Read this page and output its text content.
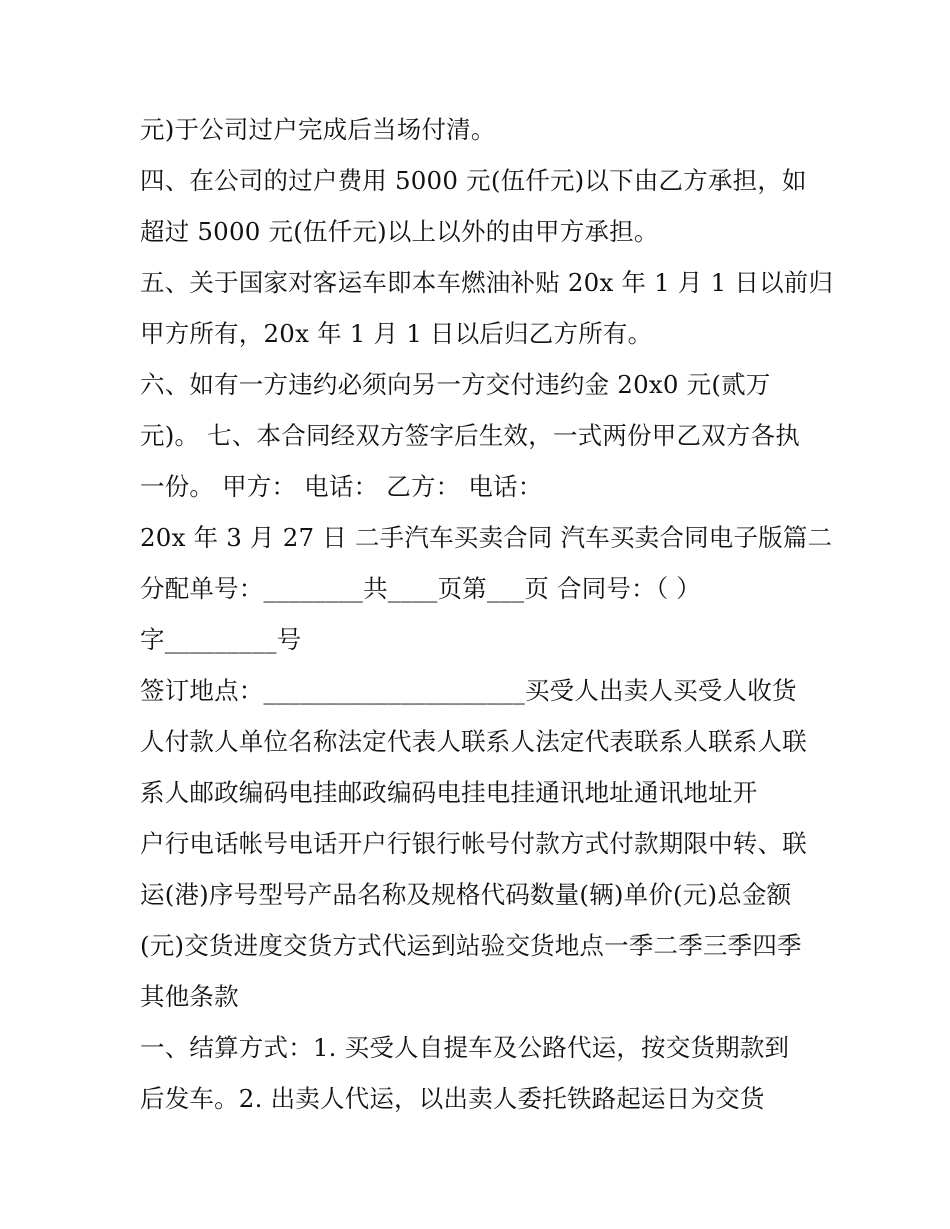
元)于公司过户完成后当场付清。
四、在公司的过户费用 5000 元(伍仟元)以下由乙方承担，如
超过 5000 元(伍仟元)以上以外的由甲方承担。
五、关于国家对客运车即本车燃油补贴 20x 年 1 月 1 日以前归
甲方所有，20x 年 1 月 1 日以后归乙方所有。
六、如有一方违约必须向另一方交付违约金 20x0 元(贰万
元)。 七、本合同经双方签字后生效，一式两份甲乙双方各执
一份。 甲方： 电话： 乙方： 电话：
20x 年 3 月 27 日 二手汽车买卖合同 汽车买卖合同电子版篇二
分配单号：________共____页第___页 合同号：（ ）
字_________号
签订地点：_____________________买受人出卖人买受人收货
人付款人单位名称法定代表人联系人法定代表联系人联系人联
系人邮政编码电挂邮政编码电挂电挂通讯地址通讯地址开
户行电话帐号电话开户行银行帐号付款方式付款期限中转、联
运(港)序号型号产品名称及规格代码数量(辆)单价(元)总金额
(元)交货进度交货方式代运到站验交货地点一季二季三季四季
其他条款
一、结算方式：1. 买受人自提车及公路代运，按交货期款到
后发车。2. 出卖人代运，以出卖人委托铁路起运日为交货
